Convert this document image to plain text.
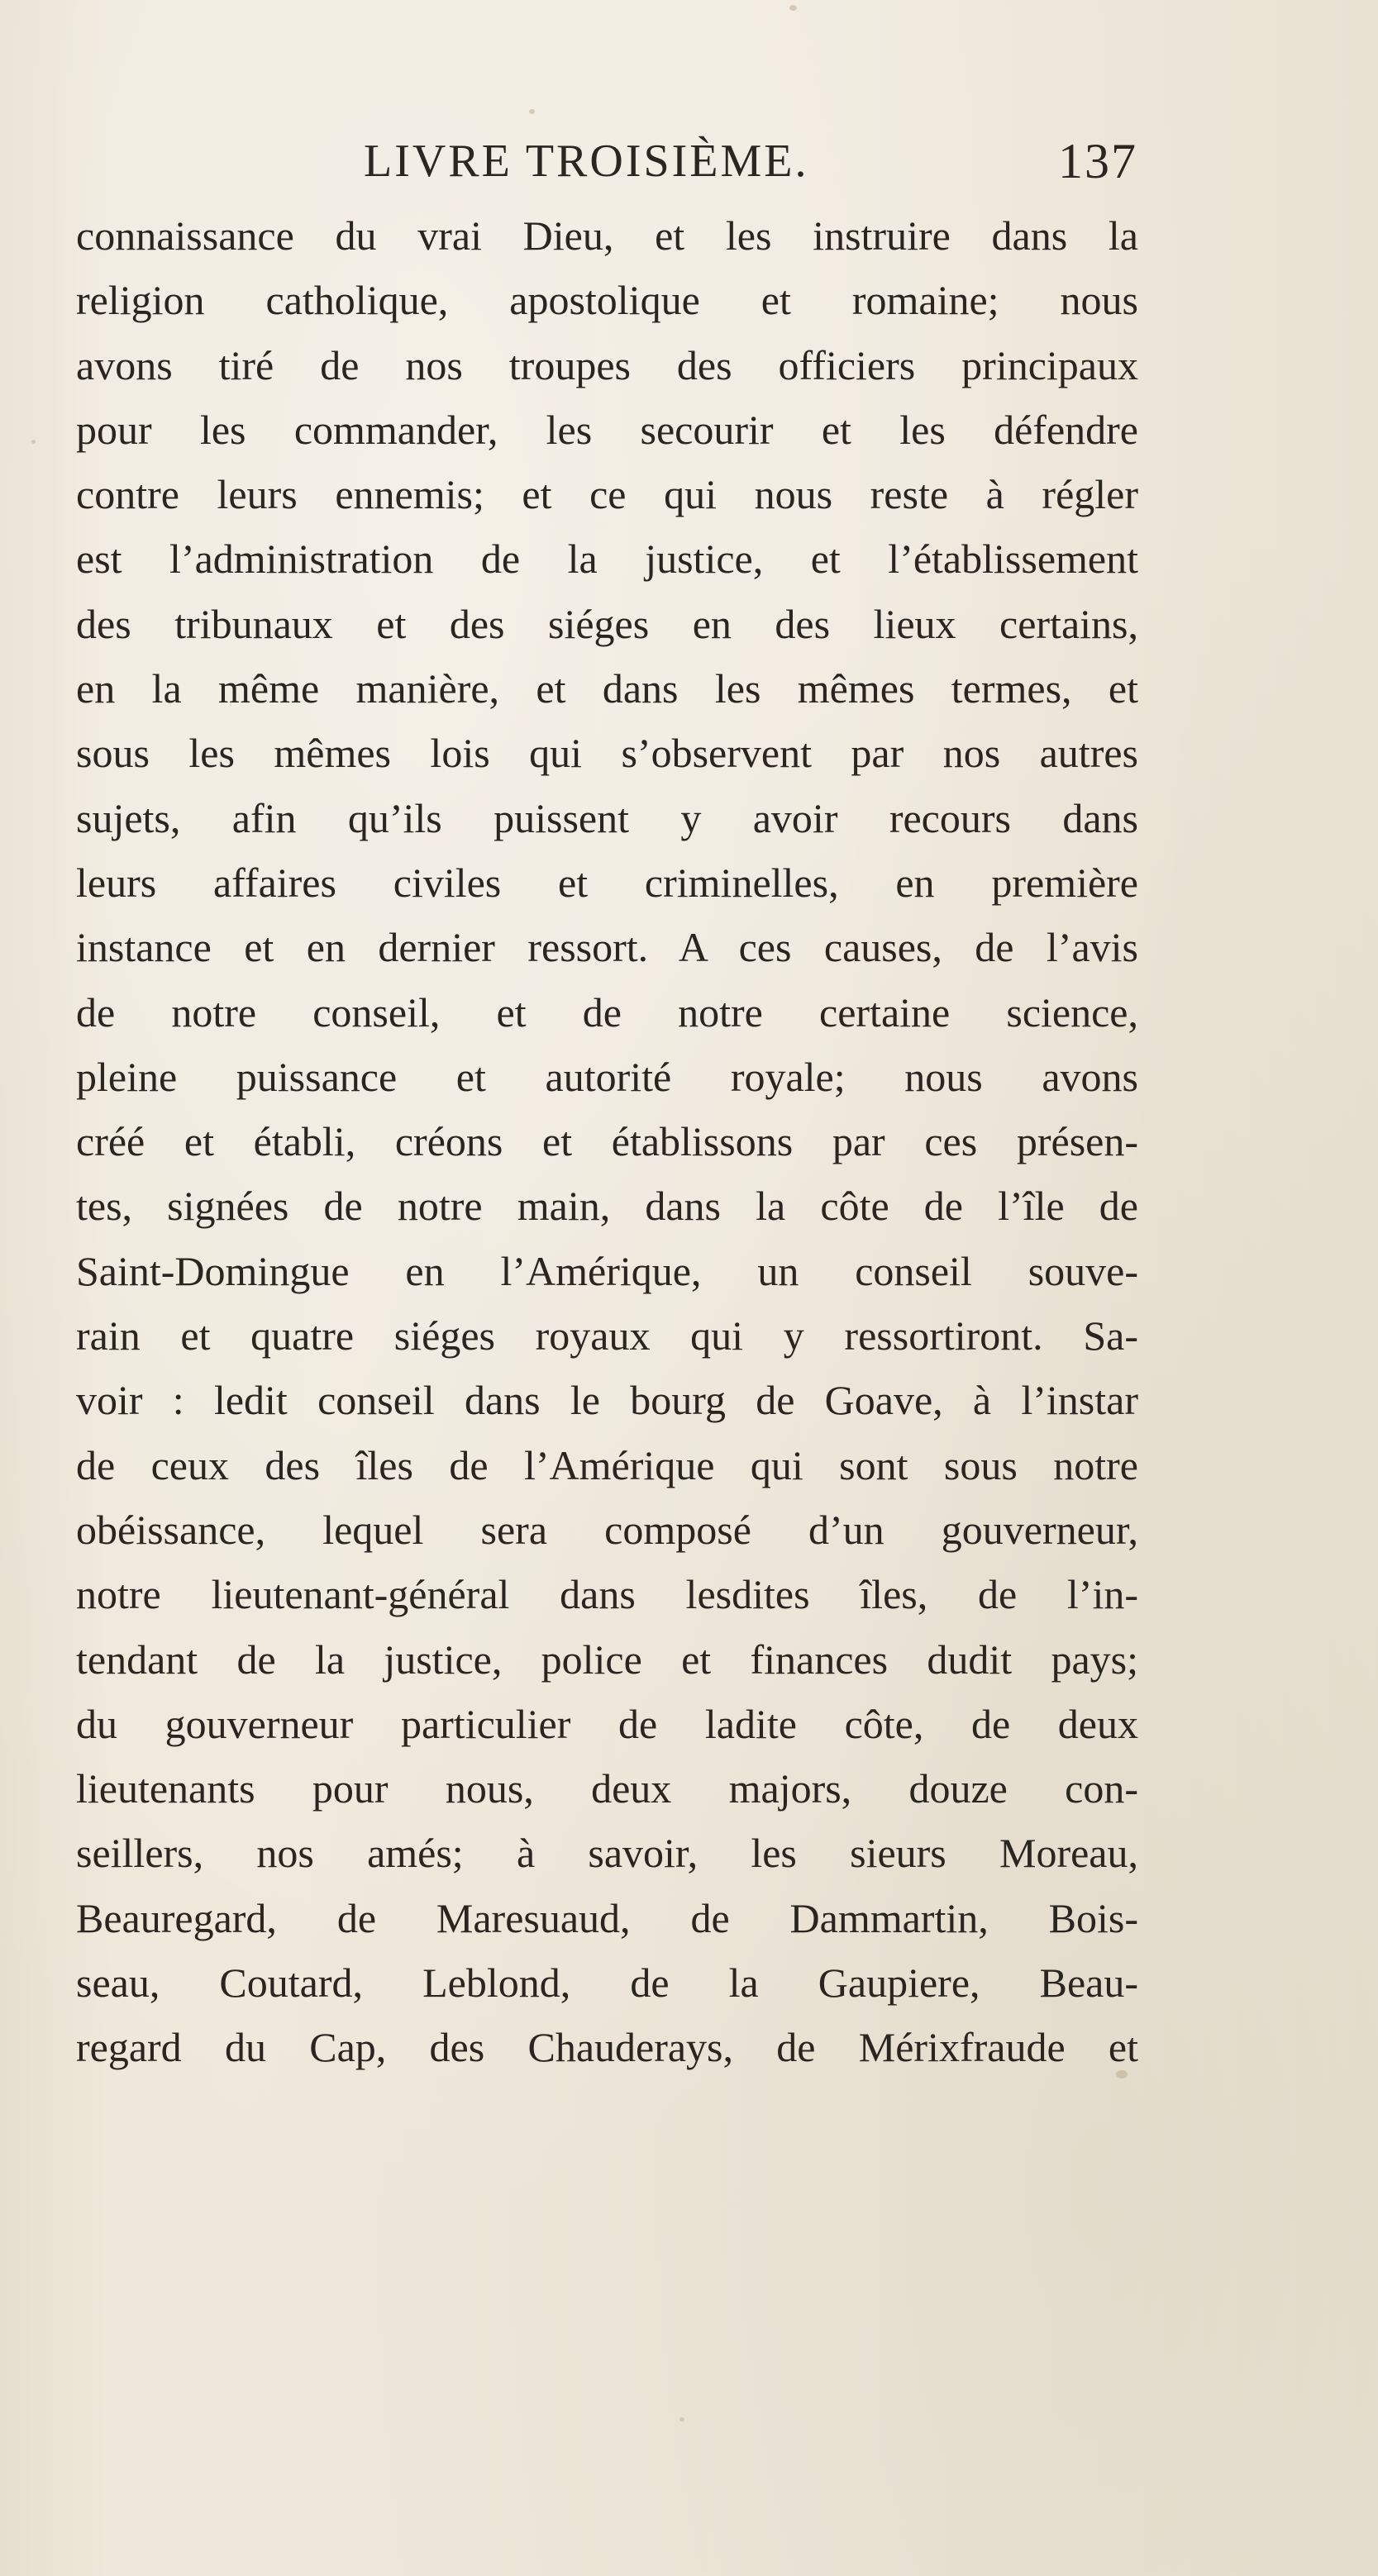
LIVRE TROISIÈME.	137
connaissance du vrai Dieu, et les instruire dans la
religion catholique, apostolique et romaine; nous
avons tiré de nos troupes des officiers principaux
pour les commander, les secourir et les défendre
contre leurs ennemis; et ce qui nous reste à régler
est l’administration de la justice, et l’établissement
des tribunaux et des siéges en des lieux certains,
en la même manière, et dans les mêmes termes, et
sous les mêmes lois qui s’observent par nos autres
sujets, afin qu’ils puissent y avoir recours dans
leurs affaires civiles et criminelles, en première
instance et en dernier ressort. A ces causes, de l’avis
de notre conseil, et de notre certaine science,
pleine puissance et autorité royale; nous avons
créé et établi, créons et établissons par ces présen-
tes, signées de notre main, dans la côte de l’île de
Saint-Domingue en l’Amérique, un conseil souve-
rain et quatre siéges royaux qui y ressortiront. Sa-
voir : ledit conseil dans le bourg de Goave, à l’instar
de ceux des îles de l’Amérique qui sont sous notre
obéissance, lequel sera composé d’un gouverneur,
notre lieutenant-général dans lesdites îles, de l’in-
tendant de la justice, police et finances dudit pays;
du gouverneur particulier de ladite côte, de deux
lieutenants pour nous, deux majors, douze con-
seillers, nos amés; à savoir, les sieurs Moreau,
Beauregard, de Maresuaud, de Dammartin, Bois-
seau, Coutard, Leblond, de la Gaupiere, Beau-
regard du Cap, des Chauderays, de Mérixfraude et
